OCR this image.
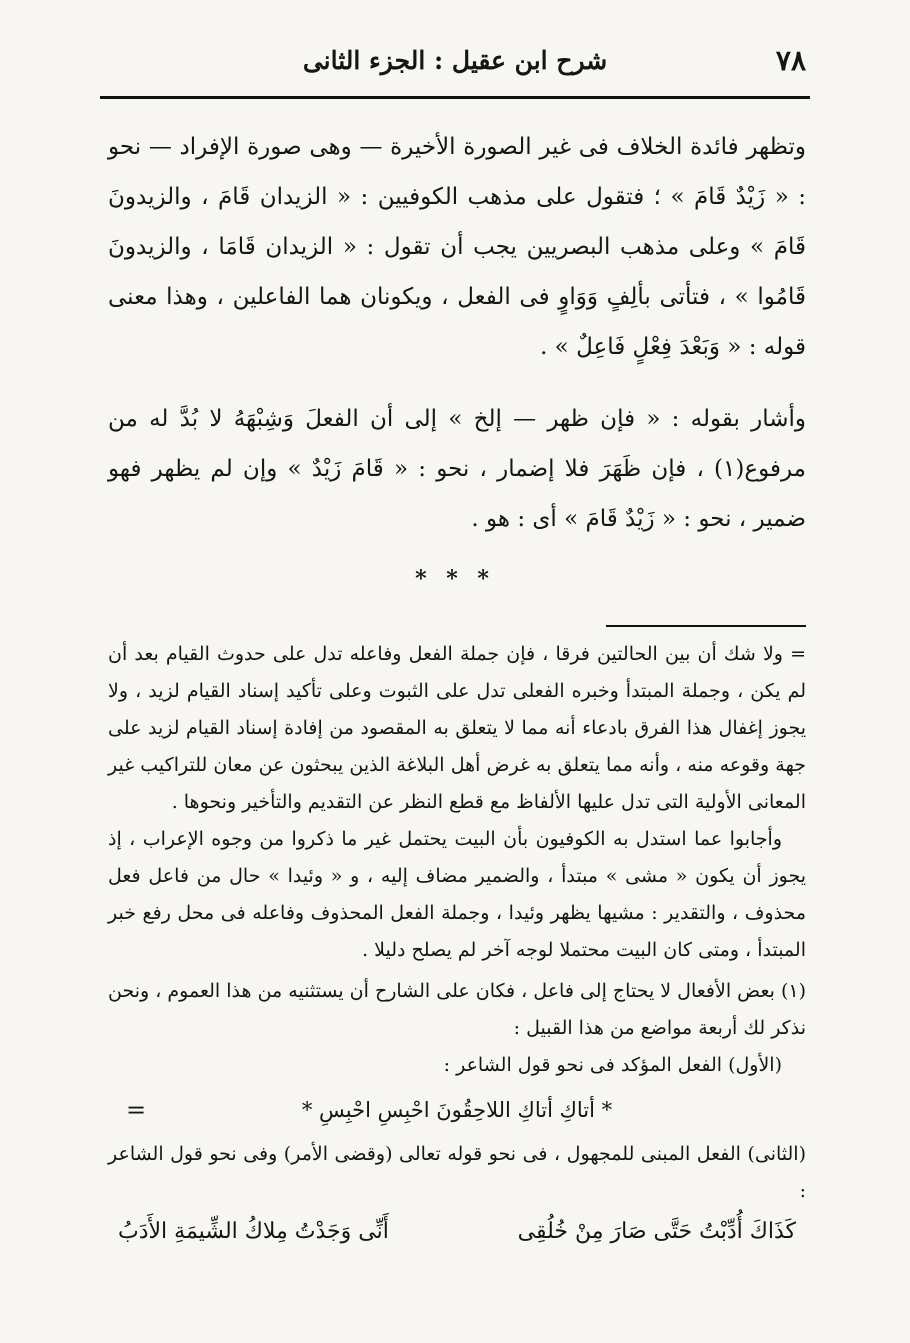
٧٨
شرح ابن عقيل : الجزء الثانى

وتظهر فائدة الخلاف فى غير الصورة الأخيرة — وهى صورة الإفراد — نحو : « زَيْدٌ قَامَ » ؛ فتقول على مذهب الكوفيين : « الزيدان قَامَ ، والزيدونَ قَامَ » وعلى مذهب البصريين يجب أن تقول : « الزيدان قَامَا ، والزيدونَ قَامُوا » ، فتأتى بألِفٍ وَوَاوٍ فى الفعل ، ويكونان هما الفاعلين ، وهذا معنى قوله : « وَبَعْدَ فِعْلٍ فَاعِلٌ » .

وأشار بقوله : « فإن ظهر — إلخ » إلى أن الفعلَ وَشِبْهَهُ لا بُدَّ له من مرفوع(١) ، فإن ظَهَرَ فلا إضمار ، نحو : « قَامَ زَيْدٌ » وإن لم يظهر فهو ضمير ، نحو : « زَيْدٌ قَامَ » أى : هو .

* * *

= ولا شك أن بين الحالتين فرقا ، فإن جملة الفعل وفاعله تدل على حدوث القيام بعد أن لم يكن ، وجملة المبتدأ وخبره الفعلى تدل على الثبوت وعلى تأكيد إسناد القيام لزيد ، ولا يجوز إغفال هذا الفرق بادعاء أنه مما لا يتعلق به المقصود من إفادة إسناد القيام لزيد على جهة وقوعه منه ، وأنه مما يتعلق به غرض أهل البلاغة الذين يبحثون عن معان للتراكيب غير المعانى الأولية التى تدل عليها الألفاظ مع قطع النظر عن التقديم والتأخير ونحوها .

وأجابوا عما استدل به الكوفيون بأن البيت يحتمل غير ما ذكروا من وجوه الإعراب ، إذ يجوز أن يكون « مشى » مبتدأ ، والضمير مضاف إليه ، و « وئيدا » حال من فاعل فعل محذوف ، والتقدير : مشيها يظهر وئيدا ، وجملة الفعل المحذوف وفاعله فى محل رفع خبر المبتدأ ، ومتى كان البيت محتملا لوجه آخر لم يصلح دليلا .

(١) بعض الأفعال لا يحتاج إلى فاعل ، فكان على الشارح أن يستثنيه من هذا العموم ، ونحن نذكر لك أربعة مواضع من هذا القبيل :

(الأول) الفعل المؤكد فى نحو قول الشاعر :

* أتاكِ أتاكِ اللاحِقُونَ احْبِسِ احْبِسِ *
=

(الثانى) الفعل المبنى للمجهول ، فى نحو قوله تعالى (وقضى الأمر) وفى نحو قول الشاعر :

كَذَاكَ أُدِّبْتُ حَتَّى صَارَ مِنْ خُلُقِى
أَنِّى وَجَدْتُ مِلاكُ الشِّيمَةِ الأَدَبُ
